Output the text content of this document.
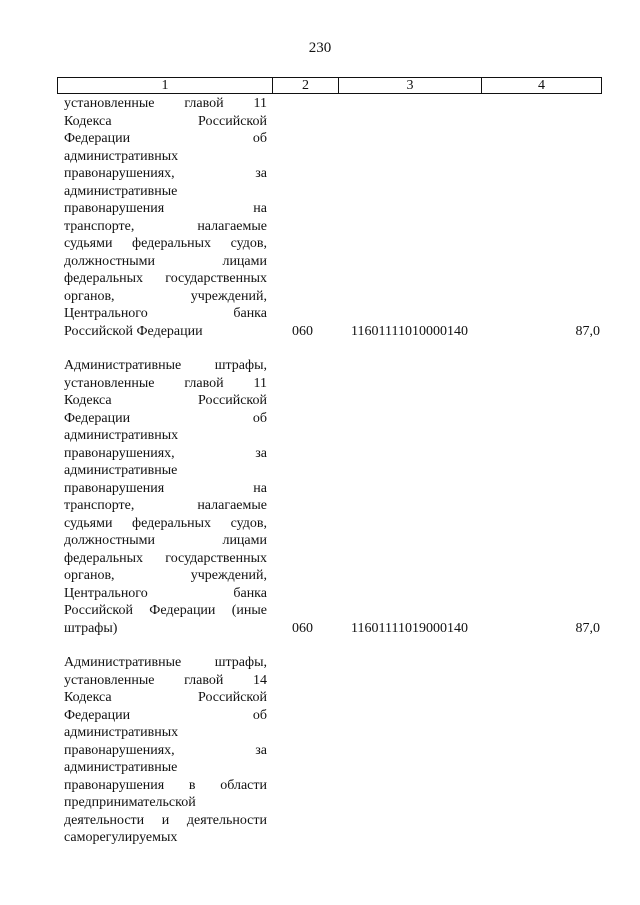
230
1	2	3	4
установленные главой 11
Кодекса Российской
Федерации об
административных
правонарушениях, за
административные
правонарушения на
транспорте, налагаемые
судьями федеральных судов,
должностными лицами
федеральных государственных
органов, учреждений,
Центрального банка
Российской Федерации	060	11601111010000140	87,0
Административные штрафы,
установленные главой 11
Кодекса Российской
Федерации об
административных
правонарушениях, за
административные
правонарушения на
транспорте, налагаемые
судьями федеральных судов,
должностными лицами
федеральных государственных
органов, учреждений,
Центрального банка
Российской Федерации (иные
штрафы)	060	11601111019000140	87,0
Административные штрафы,
установленные главой 14
Кодекса Российской
Федерации об
административных
правонарушениях, за
административные
правонарушения в области
предпринимательской
деятельности и деятельности
саморегулируемых
